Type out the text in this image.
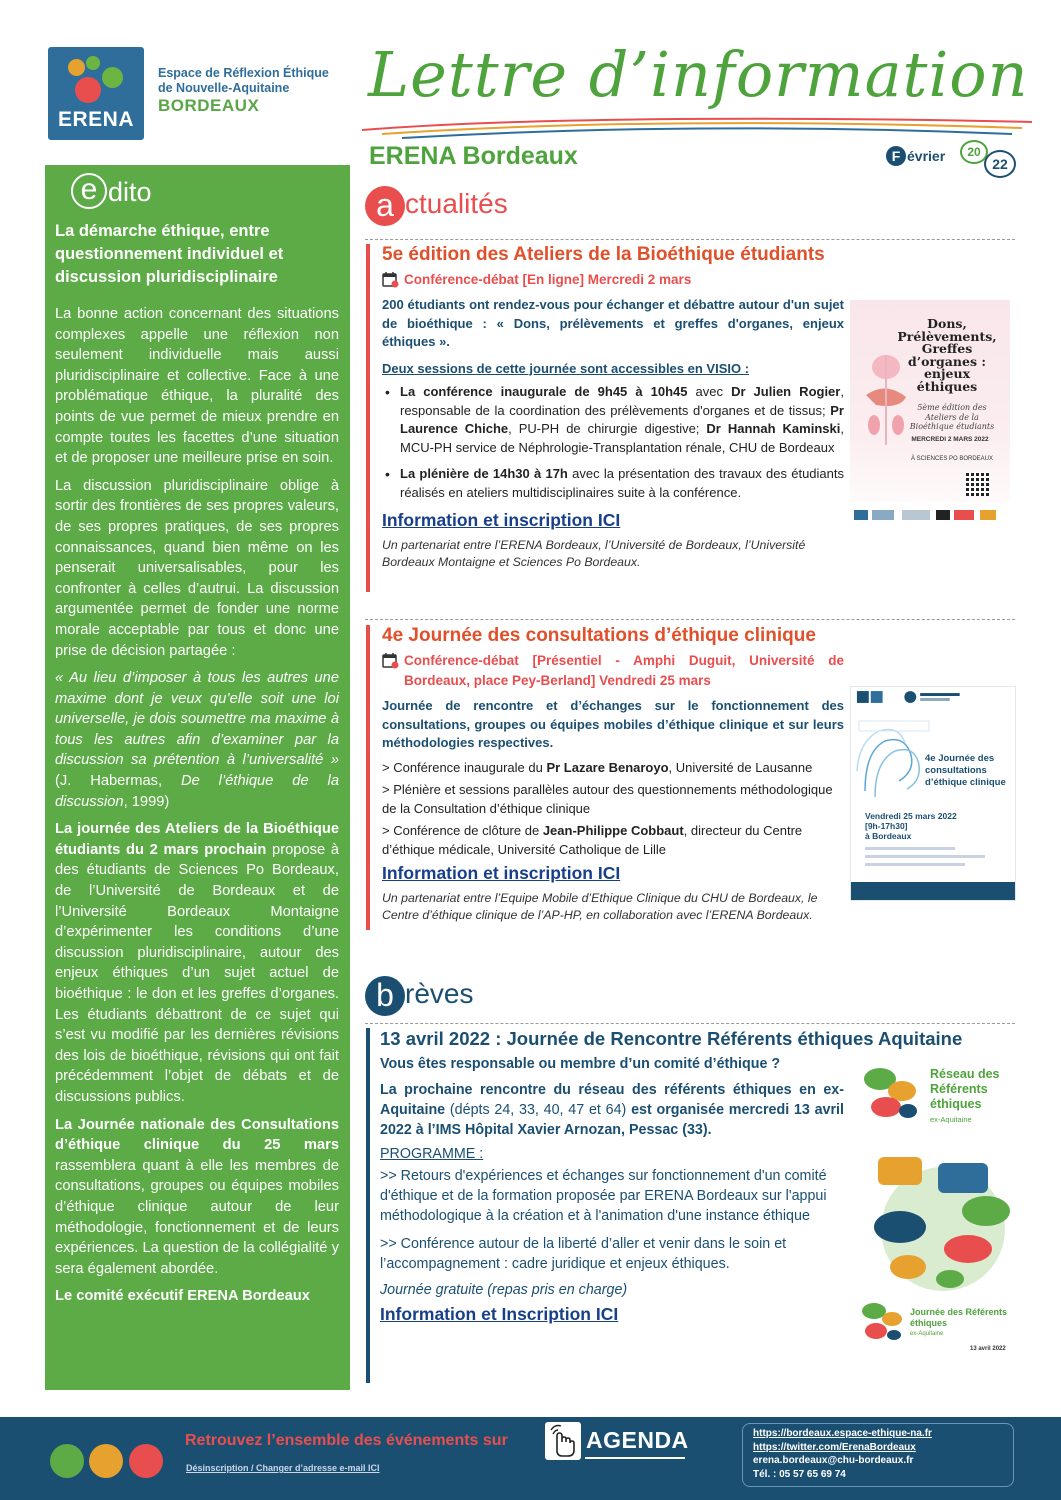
ERENA
Espace de Réflexion Éthique
de Nouvelle-Aquitaine
BORDEAUX	Lettre d’information
ERENA Bordeaux	F évrier	20
22
e dito
La démarche éthique, entre questionnement individuel et discussion pluridisciplinaire

La bonne action concernant des situations complexes appelle une réflexion non seulement individuelle mais aussi pluridisciplinaire et collective. Face à une problématique éthique, la pluralité des points de vue permet de mieux prendre en compte toutes les facettes d’une situation et de proposer une meilleure prise en soin.

La discussion pluridisciplinaire oblige à sortir des frontières de ses propres valeurs, de ses propres pratiques, de ses propres connaissances, quand bien même on les penserait universalisables, pour les confronter à celles d’autrui. La discussion argumentée permet de fonder une norme morale acceptable par tous et donc une prise de décision partagée :

« Au lieu d’imposer à tous les autres une maxime dont je veux qu’elle soit une loi universelle, je dois soumettre ma maxime à tous les autres afin d’examiner par la discussion sa prétention à l’universalité » (J. Habermas, De l’éthique de la discussion, 1999)

La journée des Ateliers de la Bioéthique étudiants du 2 mars prochain propose à des étudiants de Sciences Po Bordeaux, de l’Université de Bordeaux et de l’Université Bordeaux Montaigne d’expérimenter les conditions d’une discussion pluridisciplinaire, autour des enjeux éthiques d’un sujet actuel de bioéthique : le don et les greffes d’organes. Les étudiants débattront de ce sujet qui s’est vu modifié par les dernières révisions des lois de bioéthique, révisions qui ont fait précédemment l’objet de débats et de discussions publics.

La Journée nationale des Consultations d’éthique clinique du 25 mars rassemblera quant à elle les membres de consultations, groupes ou équipes mobiles d’éthique clinique autour de leur méthodologie, fonctionnement et de leurs expériences. La question de la collégialité y sera également abordée.

Le comité exécutif ERENA Bordeaux

a ctualités
5e édition des Ateliers de la Bioéthique étudiants
Conférence-débat [En ligne] Mercredi 2 mars
200 étudiants ont rendez-vous pour échanger et débattre autour d'un sujet de bioéthique : « Dons, prélèvements et greffes d'organes, enjeux éthiques ».
Deux sessions de cette journée sont accessibles en VISIO :
• La conférence inaugurale de 9h45 à 10h45 avec Dr Julien Rogier, responsable de la coordination des prélèvements d'organes et de tissus; Pr Laurence Chiche, PU-PH de chirurgie digestive; Dr Hannah Kaminski, MCU-PH service de Néphrologie-Transplantation rénale, CHU de Bordeaux
• La plénière de 14h30 à 17h avec la présentation des travaux des étudiants réalisés en ateliers multidisciplinaires suite à la conférence.
Information et inscription ICI
Un partenariat entre l’ERENA Bordeaux, l’Université de Bordeaux, l’Université Bordeaux Montaigne et Sciences Po Bordeaux.
Dons, Prélèvements, Greffes d’organes : enjeux éthiques
5ème édition des Ateliers de la Bioéthique étudiants
MERCREDI 2 MARS 2022
À SCIENCES PO BORDEAUX
4e Journée des consultations d’éthique clinique
Conférence-débat [Présentiel - Amphi Duguit, Université de Bordeaux, place Pey-Berland] Vendredi 25 mars
Journée de rencontre et d’échanges sur le fonctionnement des consultations, groupes ou équipes mobiles d’éthique clinique et sur leurs méthodologies respectives.
> Conférence inaugurale du Pr Lazare Benaroyo, Université de Lausanne
> Plénière et sessions parallèles autour des questionnements méthodologique de la Consultation d’éthique clinique
> Conférence de clôture de Jean-Philippe Cobbaut, directeur du Centre d’éthique médicale, Université Catholique de Lille
Information et inscription ICI
Un partenariat entre l’Equipe Mobile d’Ethique Clinique du CHU de Bordeaux, le Centre d’éthique clinique de l’AP-HP, en collaboration avec l’ERENA Bordeaux.
4e Journée des consultations d’éthique clinique
Vendredi 25 mars 2022
[9h-17h30]
à Bordeaux
b rèves
13 avril 2022 : Journée de Rencontre Référents éthiques Aquitaine
Vous êtes responsable ou membre d’un comité d’éthique ?
La prochaine rencontre du réseau des référents éthiques en ex-Aquitaine (dépts 24, 33, 40, 47 et 64) est organisée mercredi 13 avril 2022 à l’IMS Hôpital Xavier Arnozan, Pessac (33).
PROGRAMME :
>> Retours d'expériences et échanges sur fonctionnement d'un comité d'éthique et de la formation proposée par ERENA Bordeaux sur l'appui méthodologique à la création et à l'animation d'une instance éthique
>> Conférence autour de la liberté d’aller et venir dans le soin et l’accompagnement : cadre juridique et enjeux éthiques.
Journée gratuite (repas pris en charge)
Information et Inscription ICI
Réseau des Référents éthiques
ex-Aquitaine
Journée des Référents éthiques
ex-Aquitaine
13 avril 2022
Retrouvez l’ensemble des événements sur
Désinscription / Changer d’adresse e-mail ICI
AGENDA	https://bordeaux.espace-ethique-na.fr
https://twitter.com/ErenaBordeaux
erena.bordeaux@chu-bordeaux.fr
Tél. : 05 57 65 69 74
